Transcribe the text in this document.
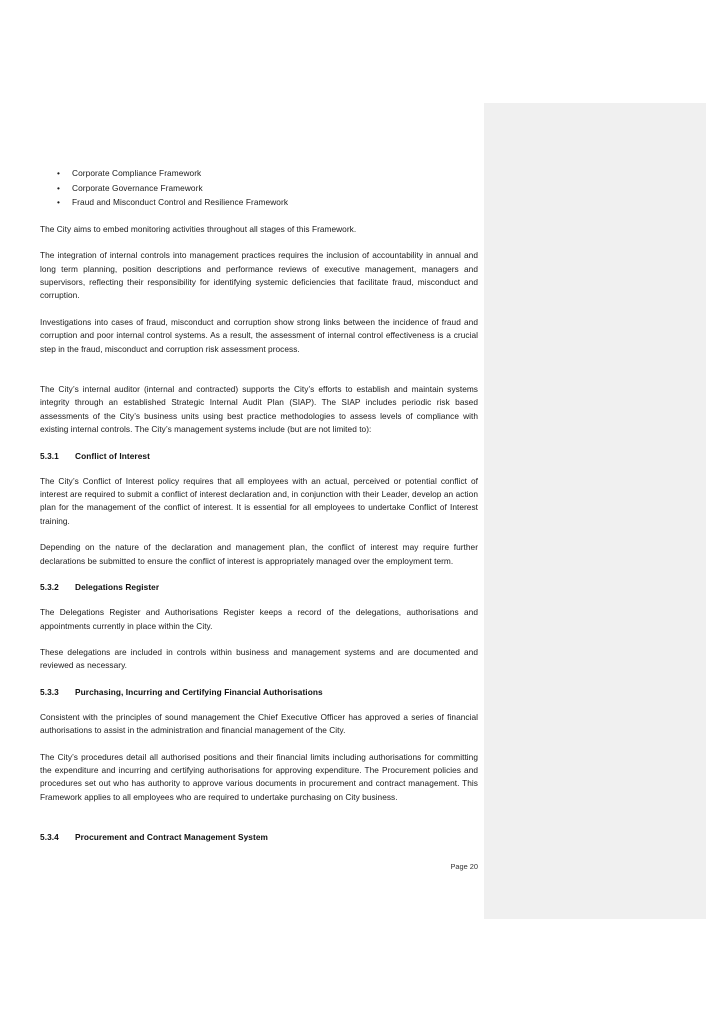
• Corporate Compliance Framework
• Corporate Governance Framework
• Fraud and Misconduct Control and Resilience Framework

The City aims to embed monitoring activities throughout all stages of this Framework.

The integration of internal controls into management practices requires the inclusion of accountability in annual and long term planning, position descriptions and performance reviews of executive management, managers and supervisors, reflecting their responsibility for identifying systemic deficiencies that facilitate fraud, misconduct and corruption.

Investigations into cases of fraud, misconduct and corruption show strong links between the incidence of fraud and corruption and poor internal control systems. As a result, the assessment of internal control effectiveness is a crucial step in the fraud, misconduct and corruption risk assessment process.

The City’s internal auditor (internal and contracted) supports the City’s efforts to establish and maintain systems integrity through an established Strategic Internal Audit Plan (SIAP). The SIAP includes periodic risk based assessments of the City’s business units using best practice methodologies to assess levels of compliance with existing internal controls. The City’s management systems include (but are not limited to):

5.3.1 Conflict of Interest

The City’s Conflict of Interest policy requires that all employees with an actual, perceived or potential conflict of interest are required to submit a conflict of interest declaration and, in conjunction with their Leader, develop an action plan for the management of the conflict of interest. It is essential for all employees to undertake Conflict of Interest training.

Depending on the nature of the declaration and management plan, the conflict of interest may require further declarations be submitted to ensure the conflict of interest is appropriately managed over the employment term.

5.3.2 Delegations Register

The Delegations Register and Authorisations Register keeps a record of the delegations, authorisations and appointments currently in place within the City.

These delegations are included in controls within business and management systems and are documented and reviewed as necessary.

5.3.3 Purchasing, Incurring and Certifying Financial Authorisations

Consistent with the principles of sound management the Chief Executive Officer has approved a series of financial authorisations to assist in the administration and financial management of the City.

The City’s procedures detail all authorised positions and their financial limits including authorisations for committing the expenditure and incurring and certifying authorisations for approving expenditure. The Procurement policies and procedures set out who has authority to approve various documents in procurement and contract management. This Framework applies to all employees who are required to undertake purchasing on City business.

5.3.4 Procurement and Contract Management System
Page 20
